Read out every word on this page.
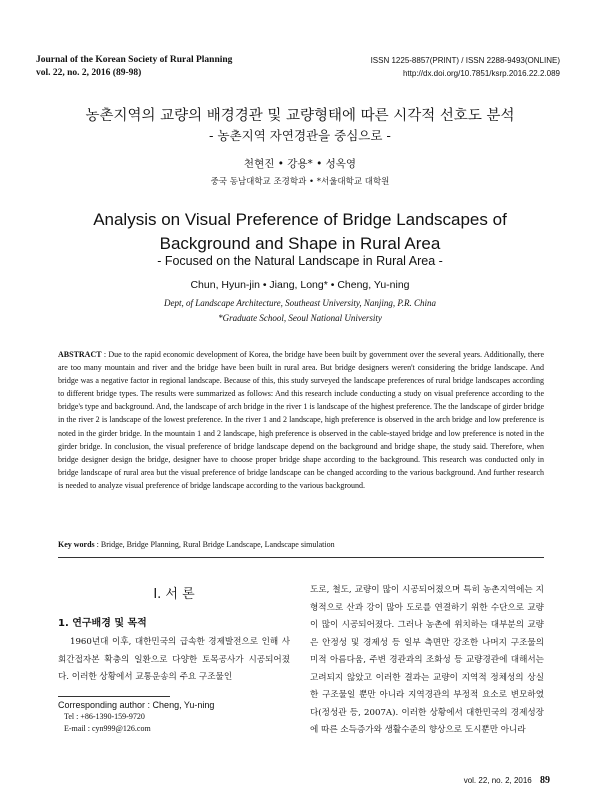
Journal of the Korean Society of Rural Planning
vol. 22, no. 2, 2016 (89-98)
ISSN 1225-8857(PRINT) / ISSN 2288-9493(ONLINE)
http://dx.doi.org/10.7851/ksrp.2016.22.2.089
농촌지역의 교량의 배경경관 및 교량형태에 따른 시각적 선호도 분석
- 농촌지역 자연경관을 중심으로 -
천현진 • 강용* • 성옥영
중국 동남대학교 조경학과 • *서울대학교 대학원
Analysis on Visual Preference of Bridge Landscapes of
Background and Shape in Rural Area
- Focused on the Natural Landscape in Rural Area -
Chun, Hyun-jin • Jiang, Long* • Cheng, Yu-ning
Dept, of Landscape Architecture, Southeast University, Nanjing, P.R. China
*Graduate School, Seoul National University
ABSTRACT : Due to the rapid economic development of Korea, the bridge have been built by government over the several years. Additionally, there are too many mountain and river and the bridge have been built in rural area. But bridge designers weren't considering the bridge landscape. And bridge was a negative factor in regional landscape. Because of this, this study surveyed the landscape preferences of rural bridge landscapes according to different bridge types. The results were summarized as follows: And this research include conducting a study on visual preference according to the bridge's type and background. And, the landscape of arch bridge in the river 1 is landscape of the highest preference. The the landscape of girder bridge in the river 2 is landscape of the lowest preference. In the river 1 and 2 landscape, high preference is observed in the arch bridge and low preference is noted in the girder bridge. In the mountain 1 and 2 landscape, high preference is observed in the cable-stayed bridge and low preference is noted in the girder bridge. In conclusion, the visual preference of bridge landscape depend on the background and bridge shape, the study said. Therefore, when bridge designer design the bridge, designer have to choose proper bridge shape according to the background. This research was conducted only in bridge landscape of rural area but the visual preference of bridge landscape can be changed according to the various background. And further research is needed to analyze visual preference of bridge landscape according to the various background.
Key words : Bridge, Bridge Planning, Rural Bridge Landscape, Landscape simulation
I. 서 론
1. 연구배경 및 목적
1960년대 이후, 대한민국의 급속한 경제발전으로 인해 사회간접자본 확충의 일환으로 다양한 토목공사가 시공되어졌다. 이러한 상황에서 교통운송의 주요 구조물인
도로, 철도, 교량이 많이 시공되어졌으며 특히 농촌지역에는 지형적으로 산과 강이 많아 도로를 연결하기 위한 수단으로 교량이 많이 시공되어졌다. 그러나 농촌에 위치하는 대부분의 교량은 안정성 및 경제성 등 일부 측면만 강조한 나머지 구조물의 미적 아름다움, 주변 경관과의 조화성 등 교량경관에 대해서는 고려되지 않았고 이러한 결과는 교량이 지역적 정체성의 상실한 구조물일 뿐만 아니라 지역경관의 부정적 요소로 변모하였다(정성관 등, 2007A). 이러한 상황에서 대한민국의 경제성장에 따른 소득증가와 생활수준의 향상으로 도시뿐만 아니라
Corresponding author : Cheng, Yu-ning
Tel : +86-1390-159-9720
E-mail : cyn999@126.com
vol. 22, no. 2, 2016 89
